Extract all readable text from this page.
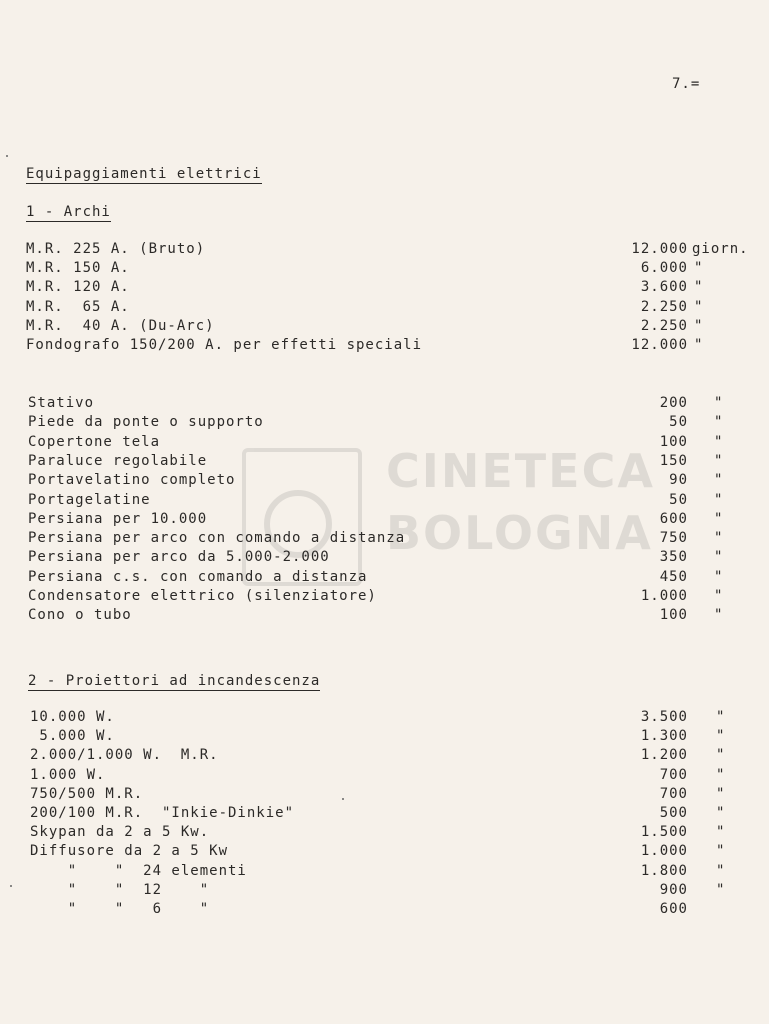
CINETECA
BOLOGNA
7.=
Equipaggiamenti elettrici
1 - Archi
M.R. 225 A. (Bruto)	12.000 giorn.
M.R. 150 A.	6.000 "
M.R. 120 A.	3.600 "
M.R.  65 A.	2.250 "
M.R.  40 A. (Du-Arc)	2.250 "
Fondografo 150/200 A. per effetti speciali	12.000 "
Stativo	200 "
Piede da ponte o supporto	50 "
Copertone tela	100 "
Paraluce regolabile	150 "
Portavelatino completo	90 "
Portagelatine	50 "
Persiana per 10.000	600 "
Persiana per arco con comando a distanza	750 "
Persiana per arco da 5.000-2.000	350 "
Persiana c.s. con comando a distanza	450 "
Condensatore elettrico (silenziatore)	1.000 "
Cono o tubo	100 "
2 - Proiettori ad incandescenza
10.000 W.	3.500 "
5.000 W.	1.300 "
2.000/1.000 W.  M.R.	1.200 "
1.000 W.	700 "
750/500 M.R.	700 "
200/100 M.R.  "Inkie-Dinkie"	500 "
Skypan da 2 a 5 Kw.	1.500 "
Diffusore da 2 a 5 Kw	1.000 "
"    "  24 elementi	1.800 "
"    "  12    "	900 "
"    "   6    "	600
